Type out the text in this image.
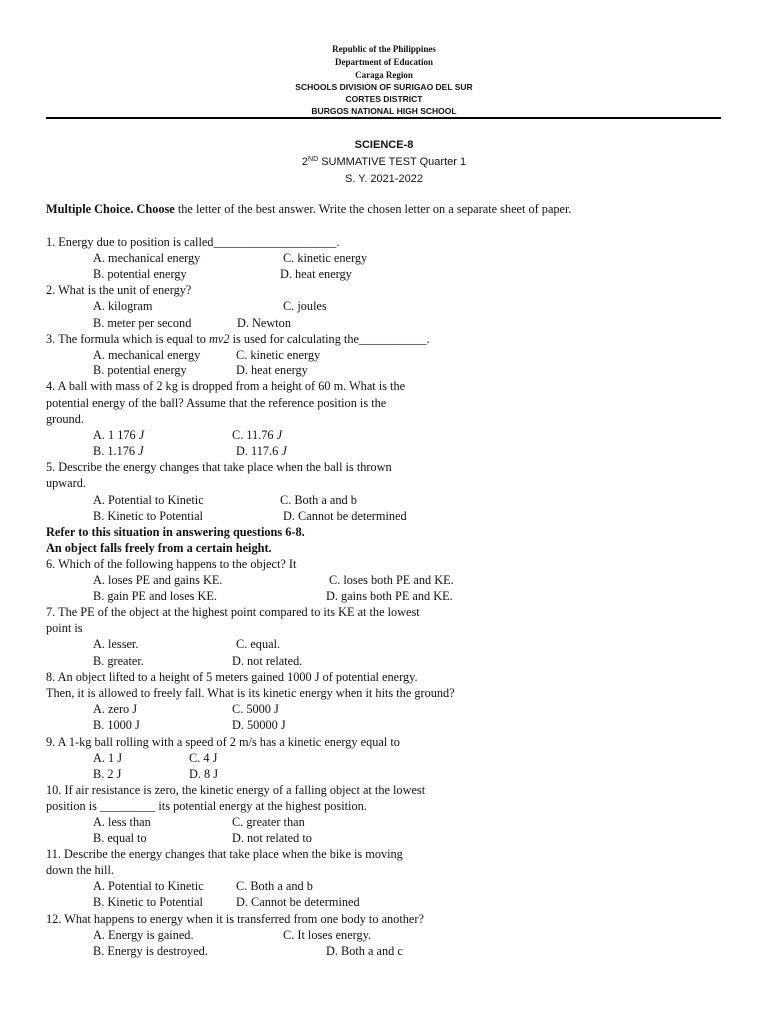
Republic of the Philippines
Department of Education
Caraga Region
SCHOOLS DIVISION OF SURIGAO DEL SUR
CORTES DISTRICT
BURGOS NATIONAL HIGH SCHOOL
SCIENCE-8
2ND SUMMATIVE TEST Quarter 1
S. Y. 2021-2022
Multiple Choice. Choose the letter of the best answer. Write the chosen letter on a separate sheet of paper.
1. Energy due to position is called____________________.
A. mechanical energy	C. kinetic energy
B. potential energy	D. heat energy
2. What is the unit of energy?
A. kilogram	C. joules
B. meter per second	D. Newton
3. The formula which is equal to mv2 is used for calculating the___________.
A. mechanical energy	C. kinetic energy
B. potential energy	D. heat energy
4. A ball with mass of 2 kg is dropped from a height of 60 m. What is the
potential energy of the ball? Assume that the reference position is the
ground.
A. 1 176 J	C. 11.76 J
B. 1.176 J	D. 117.6 J
5. Describe the energy changes that take place when the ball is thrown
upward.
A. Potential to Kinetic	C. Both a and b
B. Kinetic to Potential	D. Cannot be determined
Refer to this situation in answering questions 6-8.
An object falls freely from a certain height.
6. Which of the following happens to the object? It
A. loses PE and gains KE.	C. loses both PE and KE.
B. gain PE and loses KE.	D. gains both PE and KE.
7. The PE of the object at the highest point compared to its KE at the lowest
point is
A. lesser.	C. equal.
B. greater.	D. not related.
8. An object lifted to a height of 5 meters gained 1000 J of potential energy.
Then, it is allowed to freely fall. What is its kinetic energy when it hits the ground?
A. zero J	C. 5000 J
B. 1000 J	D. 50000 J
9. A 1-kg ball rolling with a speed of 2 m/s has a kinetic energy equal to
A. 1 J	C. 4 J
B. 2 J	D. 8 J
10. If air resistance is zero, the kinetic energy of a falling object at the lowest
position is _________ its potential energy at the highest position.
A. less than	C. greater than
B. equal to	D. not related to
11. Describe the energy changes that take place when the bike is moving
down the hill.
A. Potential to Kinetic	C. Both a and b
B. Kinetic to Potential	D. Cannot be determined
12. What happens to energy when it is transferred from one body to another?
A. Energy is gained.	C. It loses energy.
B. Energy is destroyed.	D. Both a and c
